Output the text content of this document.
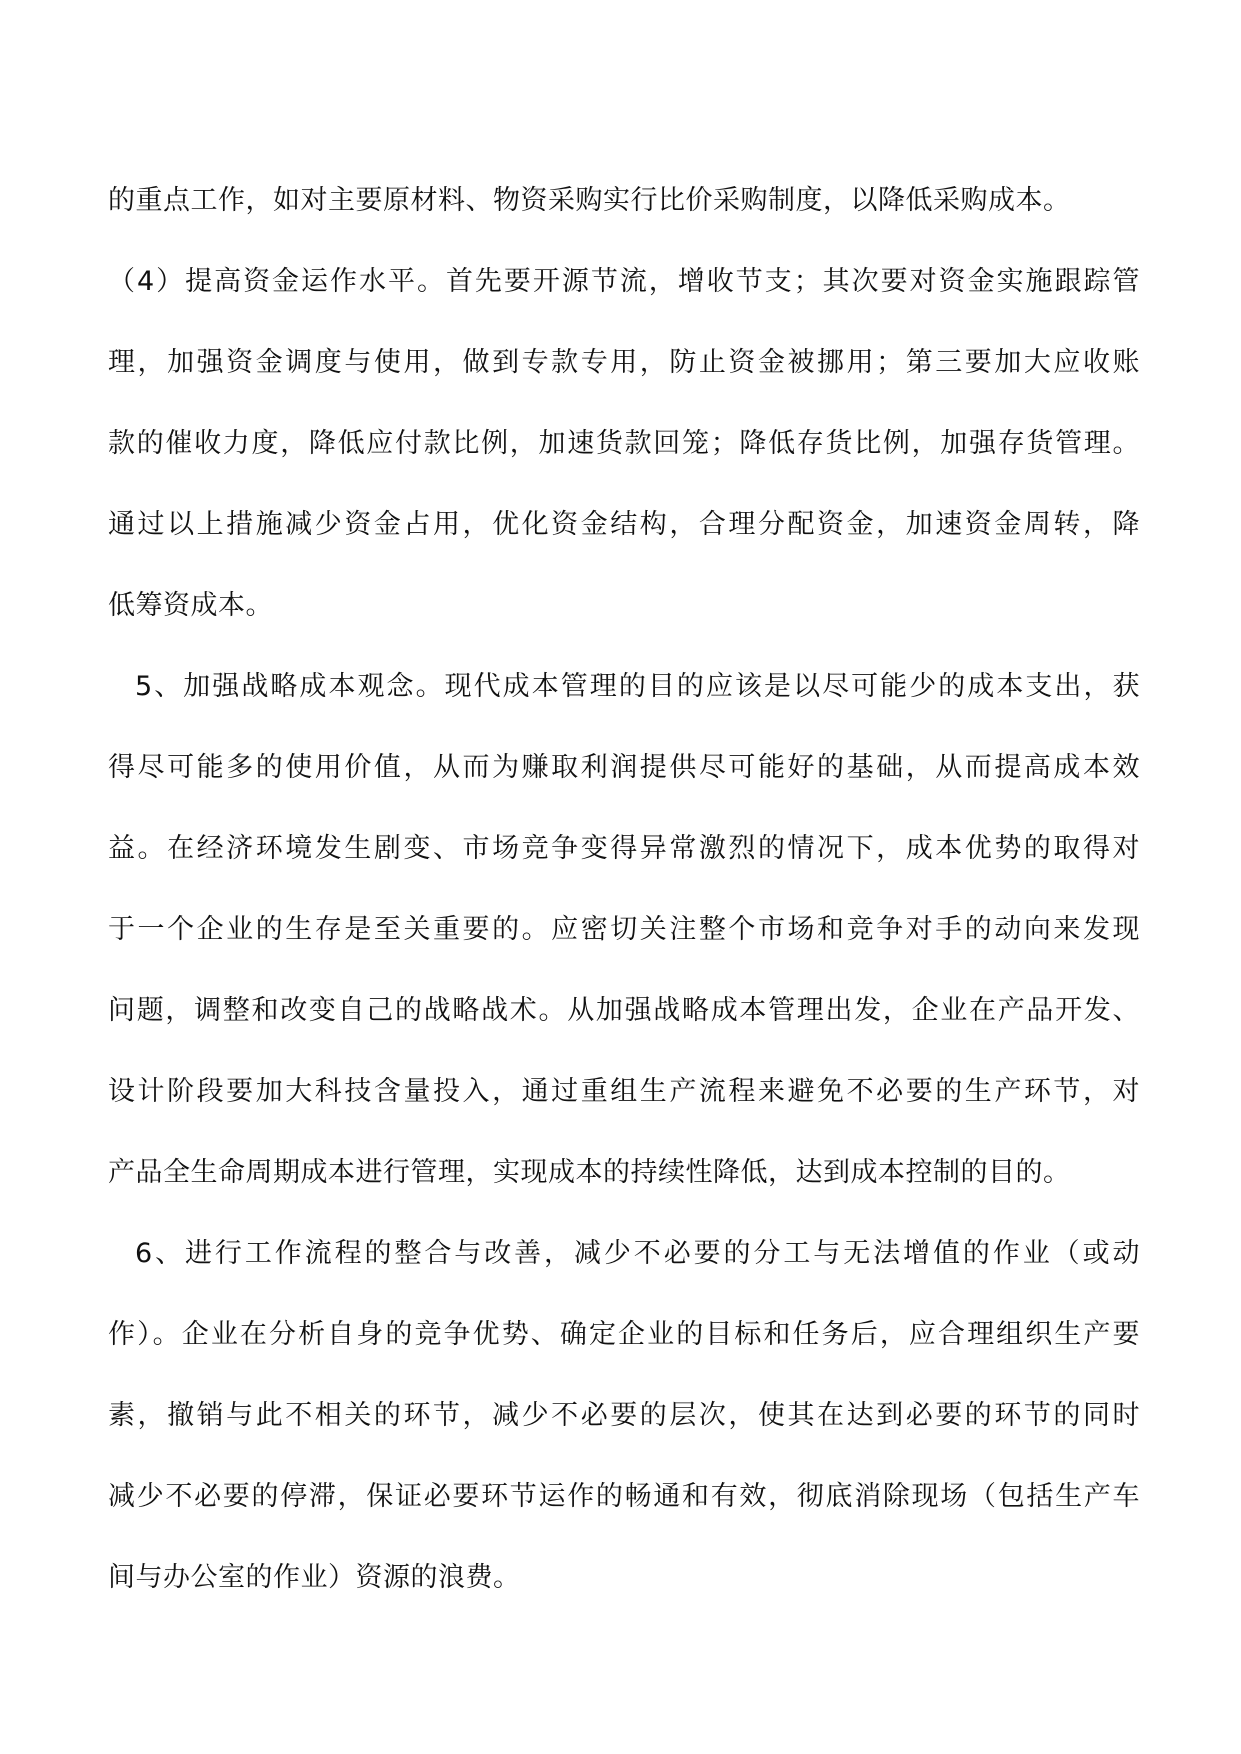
的重点工作，如对主要原材料、物资采购实行比价采购制度，以降低采购成本。

（4）提高资金运作水平。首先要开源节流，增收节支；其次要对资金实施跟踪管
理，加强资金调度与使用，做到专款专用，防止资金被挪用；第三要加大应收账
款的催收力度，降低应付款比例，加速货款回笼；降低存货比例，加强存货管理。
通过以上措施减少资金占用，优化资金结构，合理分配资金，加速资金周转，降
低筹资成本。

5、加强战略成本观念。现代成本管理的目的应该是以尽可能少的成本支出，获
得尽可能多的使用价值，从而为赚取利润提供尽可能好的基础，从而提高成本效
益。在经济环境发生剧变、市场竞争变得异常激烈的情况下，成本优势的取得对
于一个企业的生存是至关重要的。应密切关注整个市场和竞争对手的动向来发现
问题，调整和改变自己的战略战术。从加强战略成本管理出发，企业在产品开发、
设计阶段要加大科技含量投入，通过重组生产流程来避免不必要的生产环节，对
产品全生命周期成本进行管理，实现成本的持续性降低，达到成本控制的目的。

6、进行工作流程的整合与改善，减少不必要的分工与无法增值的作业（或动
作）。企业在分析自身的竞争优势、确定企业的目标和任务后，应合理组织生产要
素，撤销与此不相关的环节，减少不必要的层次，使其在达到必要的环节的同时
减少不必要的停滞，保证必要环节运作的畅通和有效，彻底消除现场（包括生产车
间与办公室的作业）资源的浪费。
